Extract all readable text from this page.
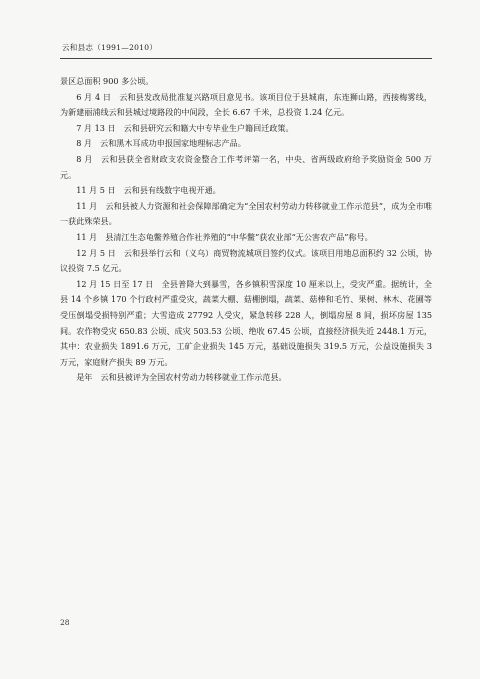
云和县志（1991—2010）

景区总面积 900 多公顷。

6 月 4 日　云和县发改局批准复兴路项目意见书。该项目位于县城南，东连狮山路，西接梅雾线，为新建丽浦线云和县城过境路段的中间段，全长 6.67 千米，总投资 1.24 亿元。

7 月 13 日　云和县研究云和籍大中专毕业生户籍回迁政策。

8 月　云和黑木耳成功申报国家地理标志产品。

8 月　云和县获全省财政支农资金整合工作考评第一名，中央、省两级政府给予奖励资金 500 万元。

11 月 5 日　云和县有线数字电视开通。

11 月　云和县被人力资源和社会保障部确定为“全国农村劳动力转移就业工作示范县”，成为全市唯一获此殊荣县。

11 月　县清江生态龟鳖养殖合作社养殖的“中华鳖”获农业部“无公害农产品”称号。

12 月 5 日　云和县举行云和（义乌）商贸物流城项目签约仪式。该项目用地总面积约 32 公顷，协议投资 7.5 亿元。

12 月 15 日至 17 日　全县普降大到暴雪，各乡镇积雪深度 10 厘米以上，受灾严重。据统计，全县 14 个乡镇 170 个行政村严重受灾，蔬菜大棚、菇棚倒塌，蔬菜、菇棒和毛竹、果树、林木、花圃等受压倒塌受损特别严重；大雪造成 27792 人受灾，紧急转移 228 人，倒塌房屋 8 间，损坏房屋 135 间。农作物受灾 650.83 公顷、成灾 503.53 公顷、绝收 67.45 公顷，直接经济损失近 2448.1 万元，其中：农业损失 1891.6 万元，工矿企业损失 145 万元，基础设施损失 319.5 万元，公益设施损失 3 万元，家庭财产损失 89 万元。

是年　云和县被评为全国农村劳动力转移就业工作示范县。

28
